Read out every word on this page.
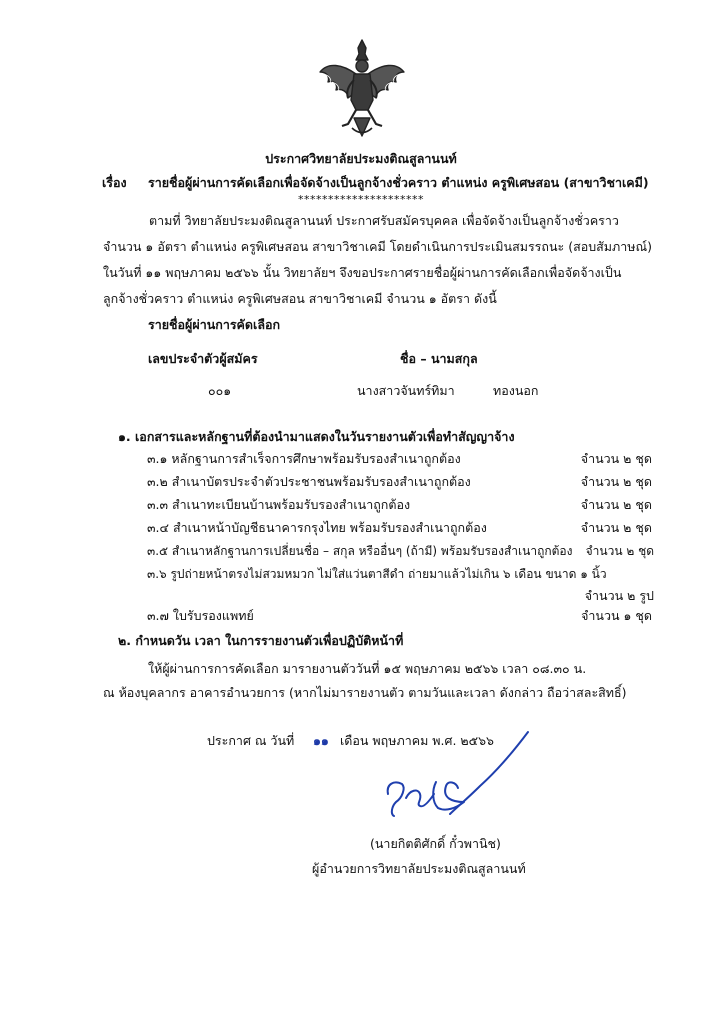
ประกาศวิทยาลัยประมงติณสูลานนท์
เรื่อง รายชื่อผู้ผ่านการคัดเลือกเพื่อจัดจ้างเป็นลูกจ้างชั่วคราว ตำแหน่ง ครูพิเศษสอน (สาขาวิชาเคมี)
*********************
ตามที่ วิทยาลัยประมงติณสูลานนท์ ประกาศรับสมัครบุคคล เพื่อจัดจ้างเป็นลูกจ้างชั่วคราว
จำนวน ๑ อัตรา ตำแหน่ง ครูพิเศษสอน สาขาวิชาเคมี โดยดำเนินการประเมินสมรรถนะ (สอบสัมภาษณ์)
ในวันที่ ๑๑ พฤษภาคม ๒๕๖๖ นั้น วิทยาลัยฯ จึงขอประกาศรายชื่อผู้ผ่านการคัดเลือกเพื่อจัดจ้างเป็น
ลูกจ้างชั่วคราว ตำแหน่ง ครูพิเศษสอน สาขาวิชาเคมี จำนวน ๑ อัตรา ดังนี้
รายชื่อผู้ผ่านการคัดเลือก
เลขประจำตัวผู้สมัคร	ชื่อ – นามสกุล
๐๐๑	นางสาวจันทร์ทิมา	ทองนอก
๑. เอกสารและหลักฐานที่ต้องนำมาแสดงในวันรายงานตัวเพื่อทำสัญญาจ้าง
๓.๑ หลักฐานการสำเร็จการศึกษาพร้อมรับรองสำเนาถูกต้อง	จำนวน ๒ ชุด
๓.๒ สำเนาบัตรประจำตัวประชาชนพร้อมรับรองสำเนาถูกต้อง	จำนวน ๒ ชุด
๓.๓ สำเนาทะเบียนบ้านพร้อมรับรองสำเนาถูกต้อง	จำนวน ๒ ชุด
๓.๔ สำเนาหน้าบัญชีธนาคารกรุงไทย พร้อมรับรองสำเนาถูกต้อง	จำนวน ๒ ชุด
๓.๕ สำเนาหลักฐานการเปลี่ยนชื่อ – สกุล หรืออื่นๆ (ถ้ามี) พร้อมรับรองสำเนาถูกต้อง	จำนวน ๒ ชุด
๓.๖ รูปถ่ายหน้าตรงไม่สวมหมวก ไม่ใส่แว่นตาสีดำ ถ่ายมาแล้วไม่เกิน ๖ เดือน ขนาด ๑ นิ้ว
จำนวน ๒ รูป
๓.๗ ใบรับรองแพทย์	จำนวน ๑ ชุด
๒. กำหนดวัน เวลา ในการรายงานตัวเพื่อปฏิบัติหน้าที่
ให้ผู้ผ่านการการคัดเลือก มารายงานตัววันที่ ๑๕ พฤษภาคม ๒๕๖๖ เวลา ๐๘.๓๐ น.
ณ ห้องบุคลากร อาคารอำนวยการ (หากไม่มารายงานตัว ตามวันและเวลา ดังกล่าว ถือว่าสละสิทธิ์)
ประกาศ ณ วันที่ ๑๑ เดือน พฤษภาคม พ.ศ. ๒๕๖๖
(นายกิตติศักดิ์ กั๋วพานิช)
ผู้อำนวยการวิทยาลัยประมงติณสูลานนท์
